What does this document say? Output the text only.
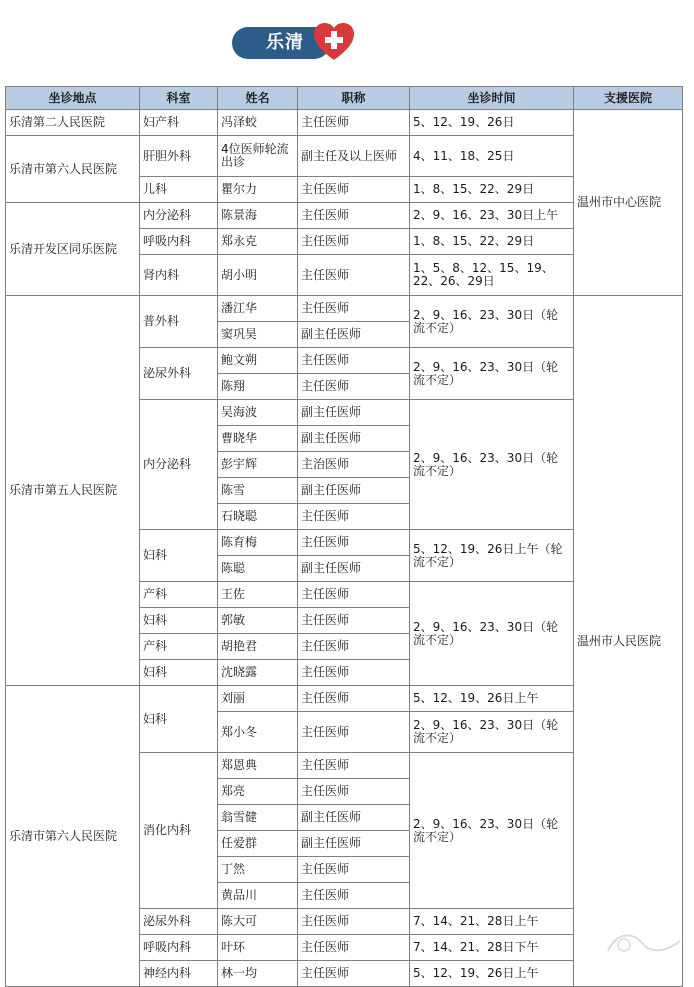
乐清
坐诊地点	科室	姓名	职称	坐诊时间	支援医院
乐清第二人民医院	妇产科	冯泽蛟	主任医师	5、12、19、26日	温州市中心医院
乐清市第六人民医院	肝胆外科	4位医师轮流出诊	副主任及以上医师	4、11、18、25日	
	儿科	瞿尔力	主任医师	1、8、15、22、29日	
乐清开发区同乐医院	内分泌科	陈景海	主任医师	2、9、16、23、30日上午	
	呼吸内科	郑永克	主任医师	1、8、15、22、29日	
	肾内科	胡小明	主任医师	1、5、8、12、15、19、22、26、29日	
乐清市第五人民医院	普外科	潘江华	主任医师	2、9、16、23、30日（轮流不定）	温州市人民医院
		窦巩昊	副主任医师		
	泌尿外科	鲍文朔	主任医师	2、9、16、23、30日（轮流不定）	
		陈翔	主任医师		
	内分泌科	吴海波	副主任医师	2、9、16、23、30日（轮流不定）	
		曹晓华	副主任医师		
		彭宇辉	主治医师		
		陈雪	副主任医师		
		石晓聪	主任医师		
	妇科	陈育梅	主任医师	5、12、19、26日上午（轮流不定）	
		陈聪	副主任医师		
	产科	王佐	主任医师	2、9、16、23、30日（轮流不定）	
	妇科	郭敏	主任医师		
	产科	胡艳君	主任医师		
	妇科	沈晓露	主任医师		
乐清市第六人民医院	妇科	刘丽	主任医师	5、12、19、26日上午	
		郑小冬	主任医师	2、9、16、23、30日（轮流不定）	
	消化内科	郑恩典	主任医师	2、9、16、23、30日（轮流不定）	
		郑亮	主任医师		
		翁雪健	副主任医师		
		任爱群	副主任医师		
		丁然	主任医师		
		黄品川	主任医师		
	泌尿外科	陈大可	主任医师	7、14、21、28日上午	
	呼吸内科	叶环	主任医师	7、14、21、28日下午	
	神经内科	林一均	主任医师	5、12、19、26日上午	
